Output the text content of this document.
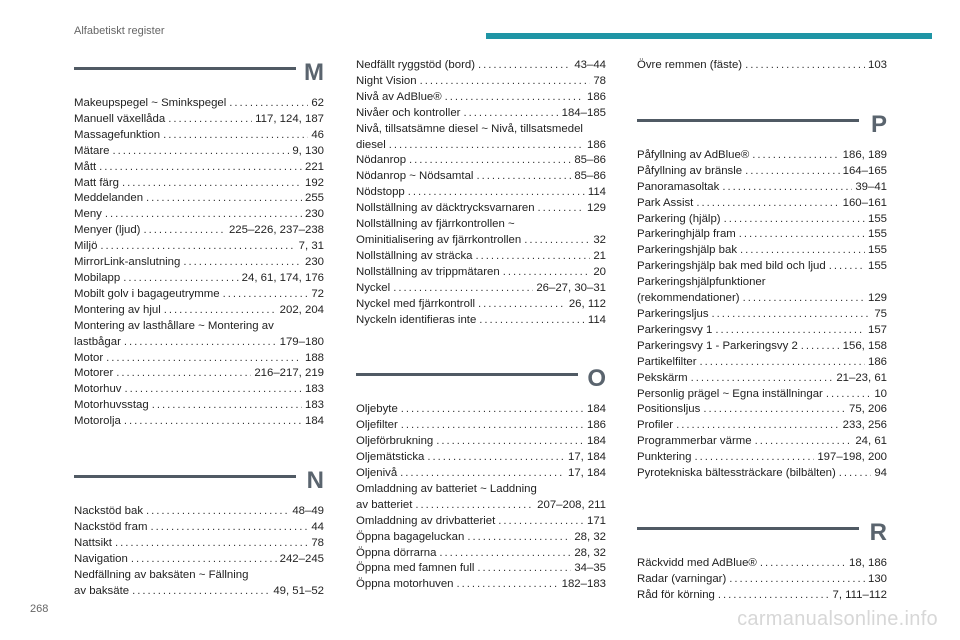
Alfabetiskt register
M
Makeupspegel ~ Sminkspegel . . .	62
Manuell växellåda . . .	117, 124, 187
Massagefunktion . . .	46
Mätare . . .	9, 130
Mått . . .	221
Matt färg . . .	192
Meddelanden . . .	255
Meny . . .	230
Menyer (ljud) . . .	225–226, 237–238
Miljö . . .	7, 31
MirrorLink-anslutning . . .	230
Mobilapp . . .	24, 61, 174, 176
Mobilt golv i bagageutrymme . . .	72
Montering av hjul . . .	202, 204
Montering av lasthållare ~ Montering av
lastbågar . . .	179–180
Motor . . .	188
Motorer . . .	216–217, 219
Motorhuv . . .	183
Motorhuvsstag . . .	183
Motorolja . . .	184
N
Nackstöd bak . . .	48–49
Nackstöd fram . . .	44
Nattsikt . . .	78
Navigation . . .	242–245
Nedfällning av baksäten ~ Fällning
av baksäte . . .	49, 51–52
Nedfällt ryggstöd (bord) . . .	43–44
Night Vision . . .	78
Nivå av AdBlue® . . .	186
Nivåer och kontroller . . .	184–185
Nivå, tillsatsämne diesel ~ Nivå, tillsatsmedel
diesel . . .	186
Nödanrop . . .	85–86
Nödanrop ~ Nödsamtal . . .	85–86
Nödstopp . . .	114
Nollställning av däcktrycksvarnaren . . .	129
Nollställning av fjärrkontrollen ~
Ominitialisering av fjärrkontrollen . . .	32
Nollställning av sträcka . . .	21
Nollställning av trippmätaren . . .	20
Nyckel . . .	26–27, 30–31
Nyckel med fjärrkontroll . . .	26, 112
Nyckeln identifieras inte . . .	114
O
Oljebyte . . .	184
Oljefilter . . .	186
Oljeförbrukning . . .	184
Oljemätsticka . . .	17, 184
Oljenivå . . .	17, 184
Omladdning av batteriet ~ Laddning
av batteriet . . .	207–208, 211
Omladdning av drivbatteriet . . .	171
Öppna bagageluckan . . .	28, 32
Öppna dörrarna . . .	28, 32
Öppna med famnen full . . .	34–35
Öppna motorhuven . . .	182–183
Övre remmen (fäste) . . .	103
P
Påfyllning av AdBlue® . . .	186, 189
Påfyllning av bränsle . . .	164–165
Panoramasoltak . . .	39–41
Park Assist . . .	160–161
Parkering (hjälp) . . .	155
Parkeringhjälp fram . . .	155
Parkeringshjälp bak . . .	155
Parkeringshjälp bak med bild och ljud . . .	155
Parkeringshjälpfunktioner
(rekommendationer) . . .	129
Parkeringsljus . . .	75
Parkeringsvy 1 . . .	157
Parkeringsvy 1 - Parkeringsvy 2 . . .	156, 158
Partikelfilter . . .	186
Pekskärm . . .	21–23, 61
Personlig prägel ~ Egna inställningar . . .	10
Positionsljus . . .	75, 206
Profiler . . .	233, 256
Programmerbar värme . . .	24, 61
Punktering . . .	197–198, 200
Pyrotekniska bältessträckare (bilbälten) . . .	94
R
Räckvidd med AdBlue® . . .	18, 186
Radar (varningar) . . .	130
Råd för körning . . .	7, 111–112
268	carmanualsonline.info
